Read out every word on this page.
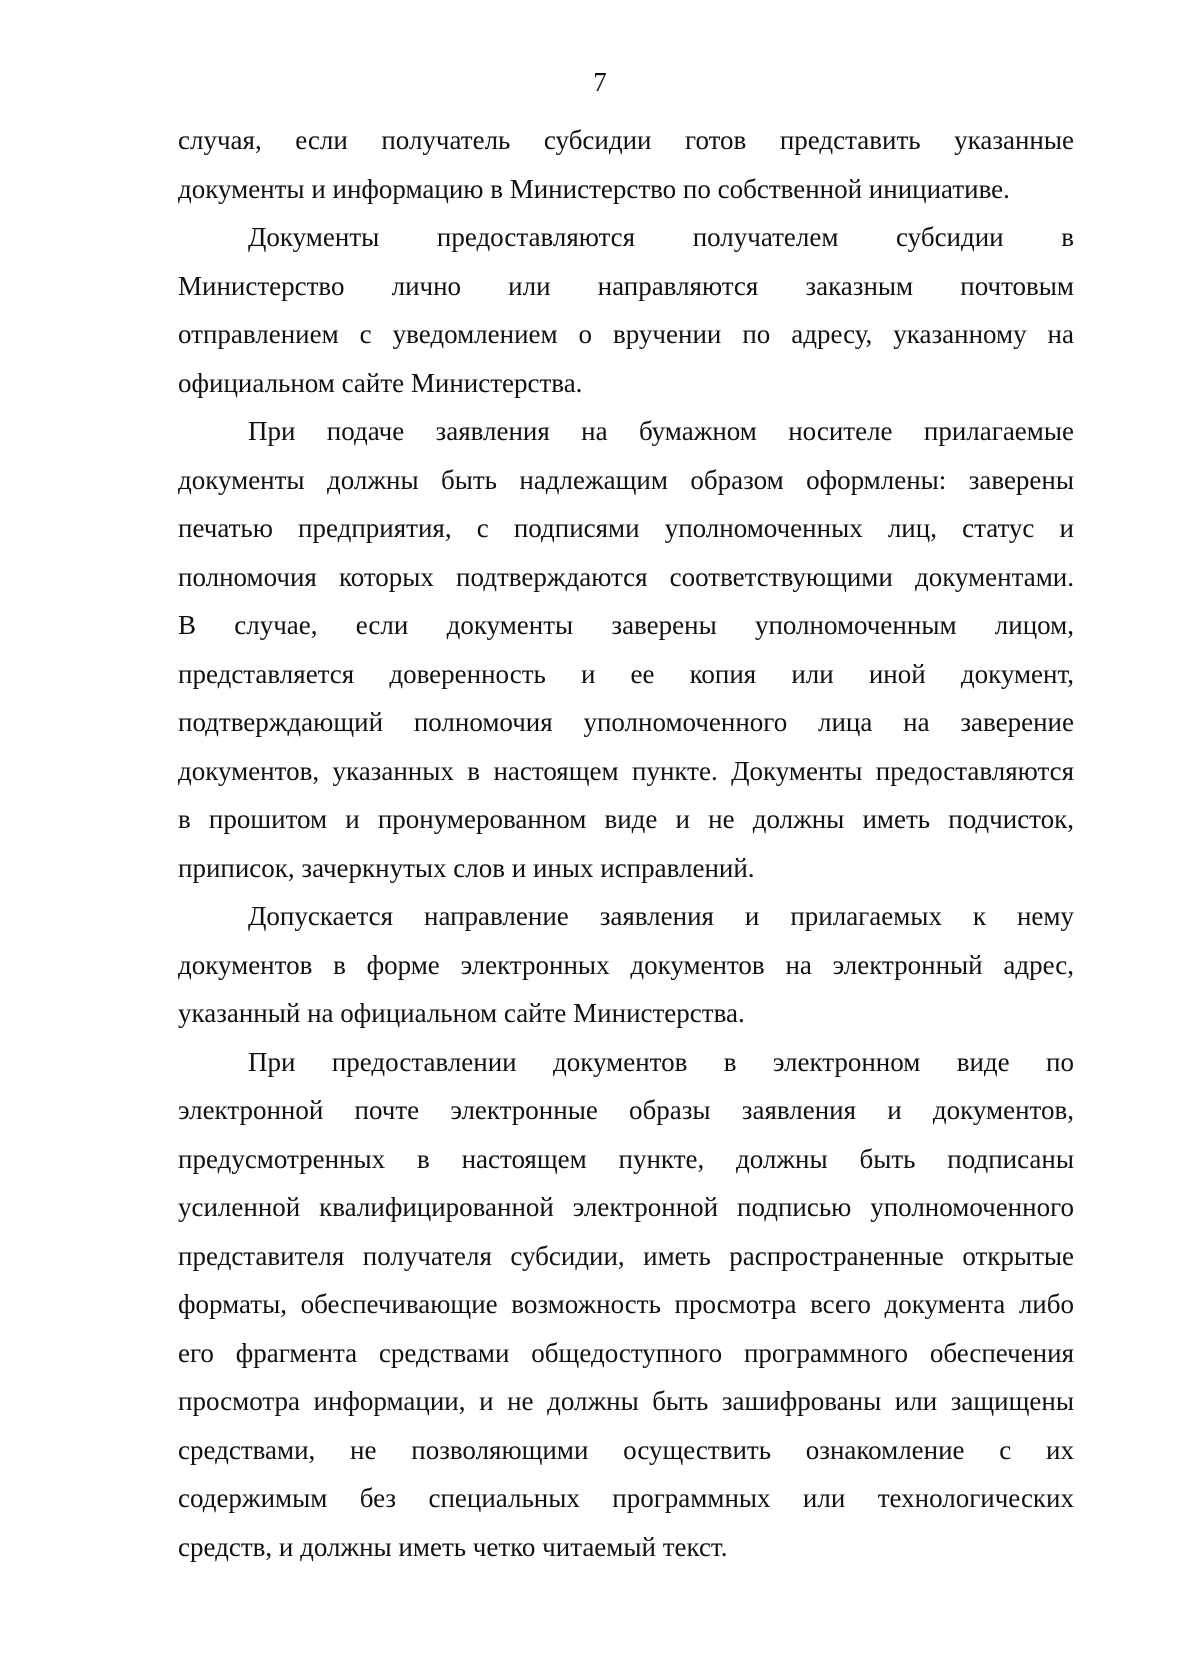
7
случая, если получатель субсидии готов представить указанные
документы и информацию в Министерство по собственной инициативе.
Документы предоставляются получателем субсидии в
Министерство лично или направляются заказным почтовым
отправлением с уведомлением о вручении по адресу, указанному на
официальном сайте Министерства.
При подаче заявления на бумажном носителе прилагаемые
документы должны быть надлежащим образом оформлены: заверены
печатью предприятия, с подписями уполномоченных лиц, статус и
полномочия которых подтверждаются соответствующими документами.
В случае, если документы заверены уполномоченным лицом,
представляется доверенность и ее копия или иной документ,
подтверждающий полномочия уполномоченного лица на заверение
документов, указанных в настоящем пункте. Документы предоставляются
в прошитом и пронумерованном виде и не должны иметь подчисток,
приписок, зачеркнутых слов и иных исправлений.
Допускается направление заявления и прилагаемых к нему
документов в форме электронных документов на электронный адрес,
указанный на официальном сайте Министерства.
При предоставлении документов в электронном виде по
электронной почте электронные образы заявления и документов,
предусмотренных в настоящем пункте, должны быть подписаны
усиленной квалифицированной электронной подписью уполномоченного
представителя получателя субсидии, иметь распространенные открытые
форматы, обеспечивающие возможность просмотра всего документа либо
его фрагмента средствами общедоступного программного обеспечения
просмотра информации, и не должны быть зашифрованы или защищены
средствами, не позволяющими осуществить ознакомление с их
содержимым без специальных программных или технологических
средств, и должны иметь четко читаемый текст.
